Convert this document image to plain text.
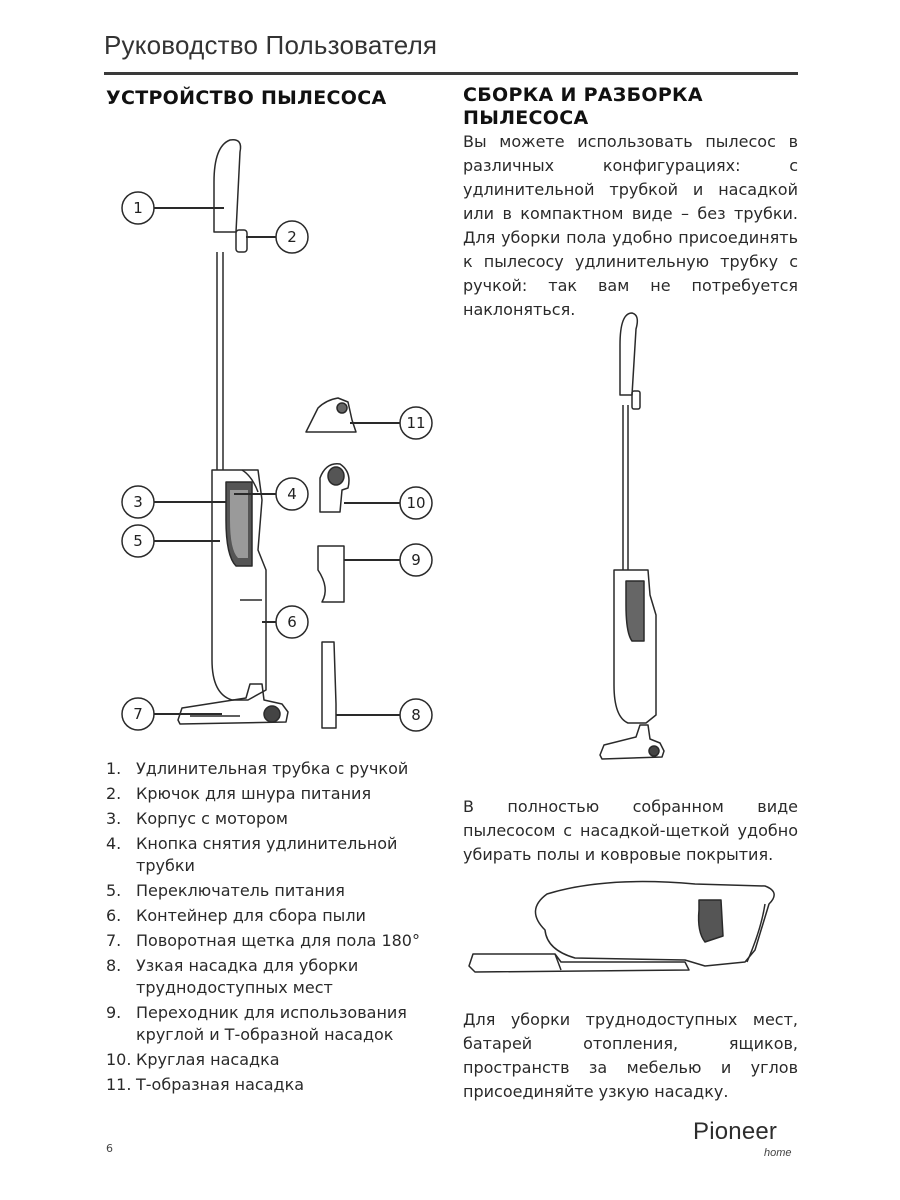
Руководство Пользователя
УСТРОЙСТВО ПЫЛЕСОСА	СБОРКА И РАЗБОРКА ПЫЛЕСОСА
1
2
3	4
5
6
7	8
9
10
11
1. Удлинительная трубка с ручкой
2. Крючок для шнура питания
3. Корпус с мотором
4. Кнопка снятия удлинительной трубки
5. Переключатель питания
6. Контейнер для сбора пыли
7. Поворотная щетка для пола 180°
8. Узкая насадка для уборки труднодоступных мест
9. Переходник для использования круглой и Т-образной насадок
10. Круглая насадка
11. Т-образная насадка
Вы можете использовать пылесос в различных конфигурациях: с удлинительной трубкой и насадкой или в компактном виде – без трубки. Для уборки пола удобно присоединять к пылесосу удлинительную трубку с ручкой: так вам не потребуется наклоняться.
В полностью собранном виде пылесосом с насадкой-щеткой удобно убирать полы и ковровые покрытия.
Для уборки труднодоступных мест, батарей отопления, ящиков, пространств за мебелью и углов присоединяйте узкую насадку.
6
Pioneer
home
